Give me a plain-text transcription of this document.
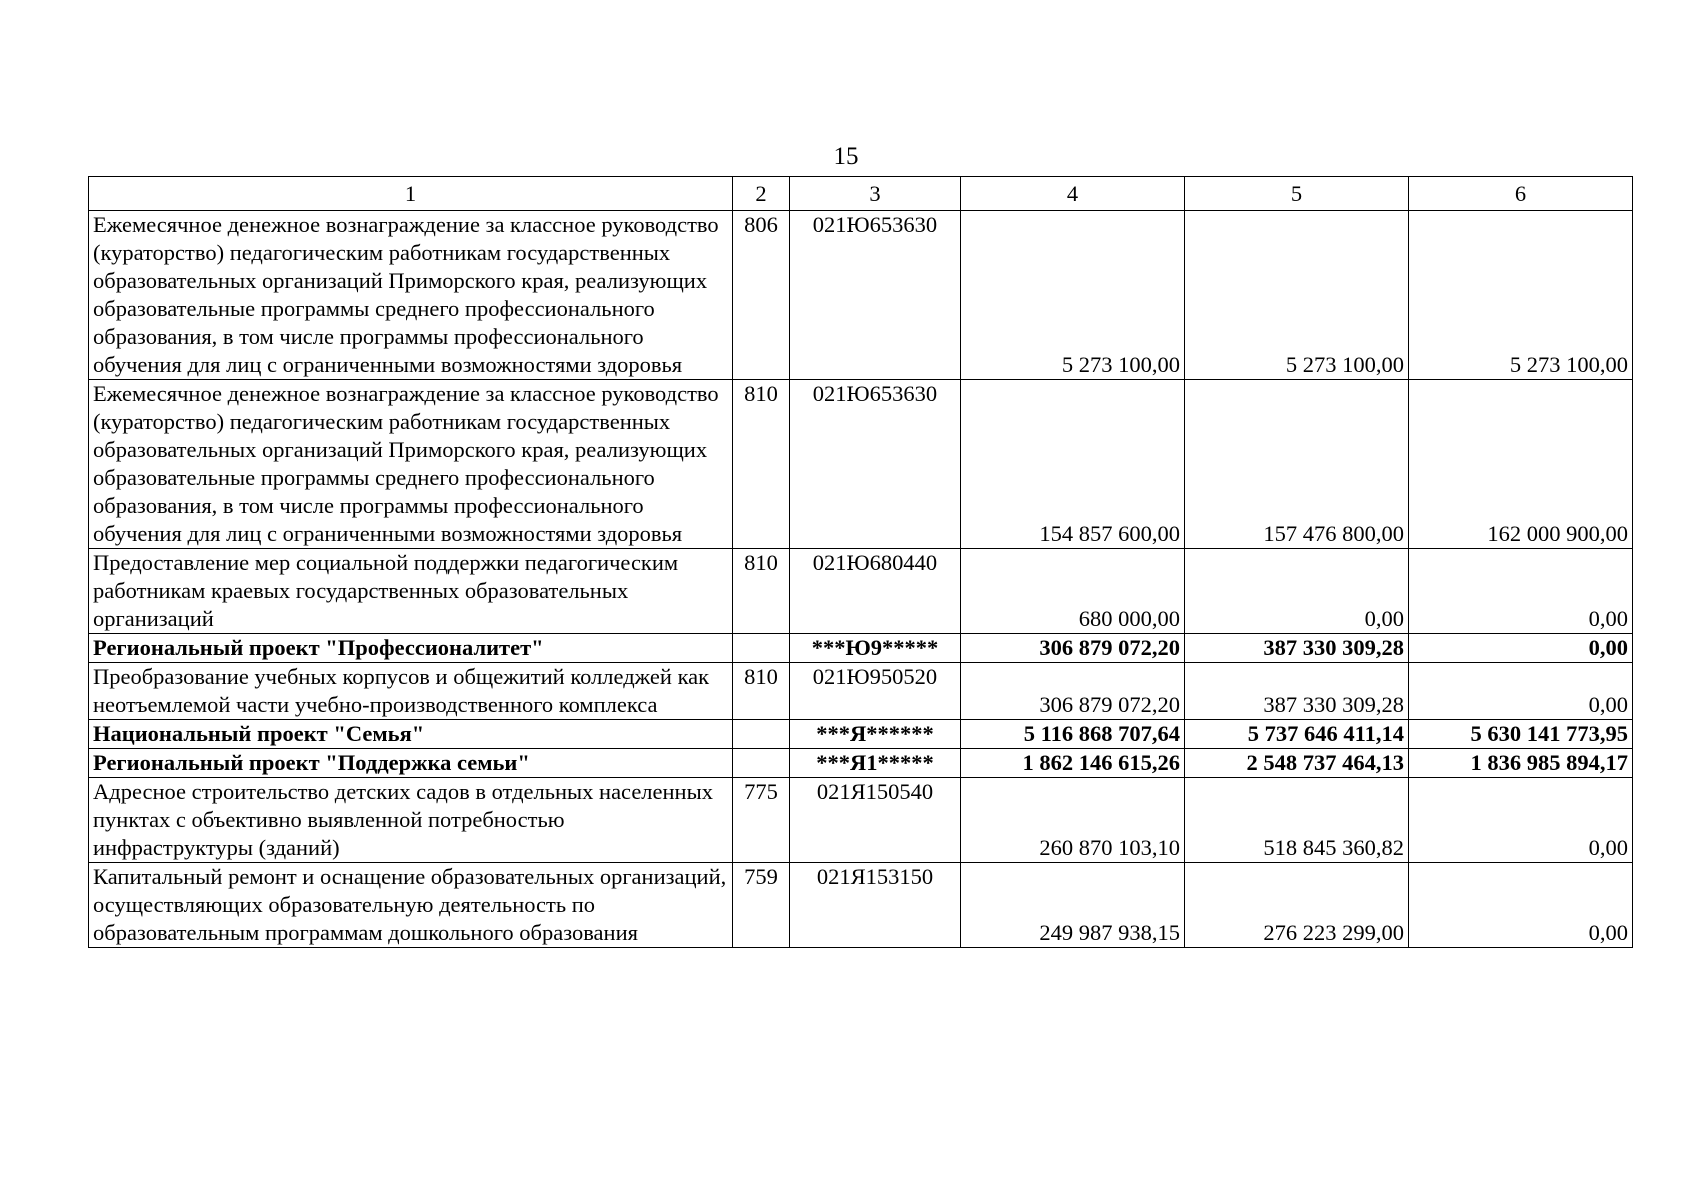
15
1	2	3	4	5	6
Ежемесячное денежное вознаграждение за классное руководство (кураторство) педагогическим работникам государственных образовательных организаций Приморского края, реализующих образовательные программы среднего профессионального образования, в том числе программы профессионального обучения для лиц с ограниченными возможностями здоровья	806	021Ю653630	5 273 100,00	5 273 100,00	5 273 100,00
Ежемесячное денежное вознаграждение за классное руководство (кураторство) педагогическим работникам государственных образовательных организаций Приморского края, реализующих образовательные программы среднего профессионального образования, в том числе программы профессионального обучения для лиц с ограниченными возможностями здоровья	810	021Ю653630	154 857 600,00	157 476 800,00	162 000 900,00
Предоставление мер социальной поддержки педагогическим работникам краевых государственных образовательных организаций	810	021Ю680440	680 000,00	0,00	0,00
Региональный проект "Профессионалитет"		***Ю9*****	306 879 072,20	387 330 309,28	0,00
Преобразование учебных корпусов и общежитий колледжей как неотъемлемой части учебно-производственного комплекса	810	021Ю950520	306 879 072,20	387 330 309,28	0,00
Национальный проект "Семья"		***Я******	5 116 868 707,64	5 737 646 411,14	5 630 141 773,95
Региональный проект "Поддержка семьи"		***Я1*****	1 862 146 615,26	2 548 737 464,13	1 836 985 894,17
Адресное строительство детских садов в отдельных населенных пунктах с объективно выявленной потребностью инфраструктуры (зданий)	775	021Я150540	260 870 103,10	518 845 360,82	0,00
Капитальный ремонт и оснащение образовательных организаций, осуществляющих образовательную деятельность по образовательным программам дошкольного образования	759	021Я153150	249 987 938,15	276 223 299,00	0,00
